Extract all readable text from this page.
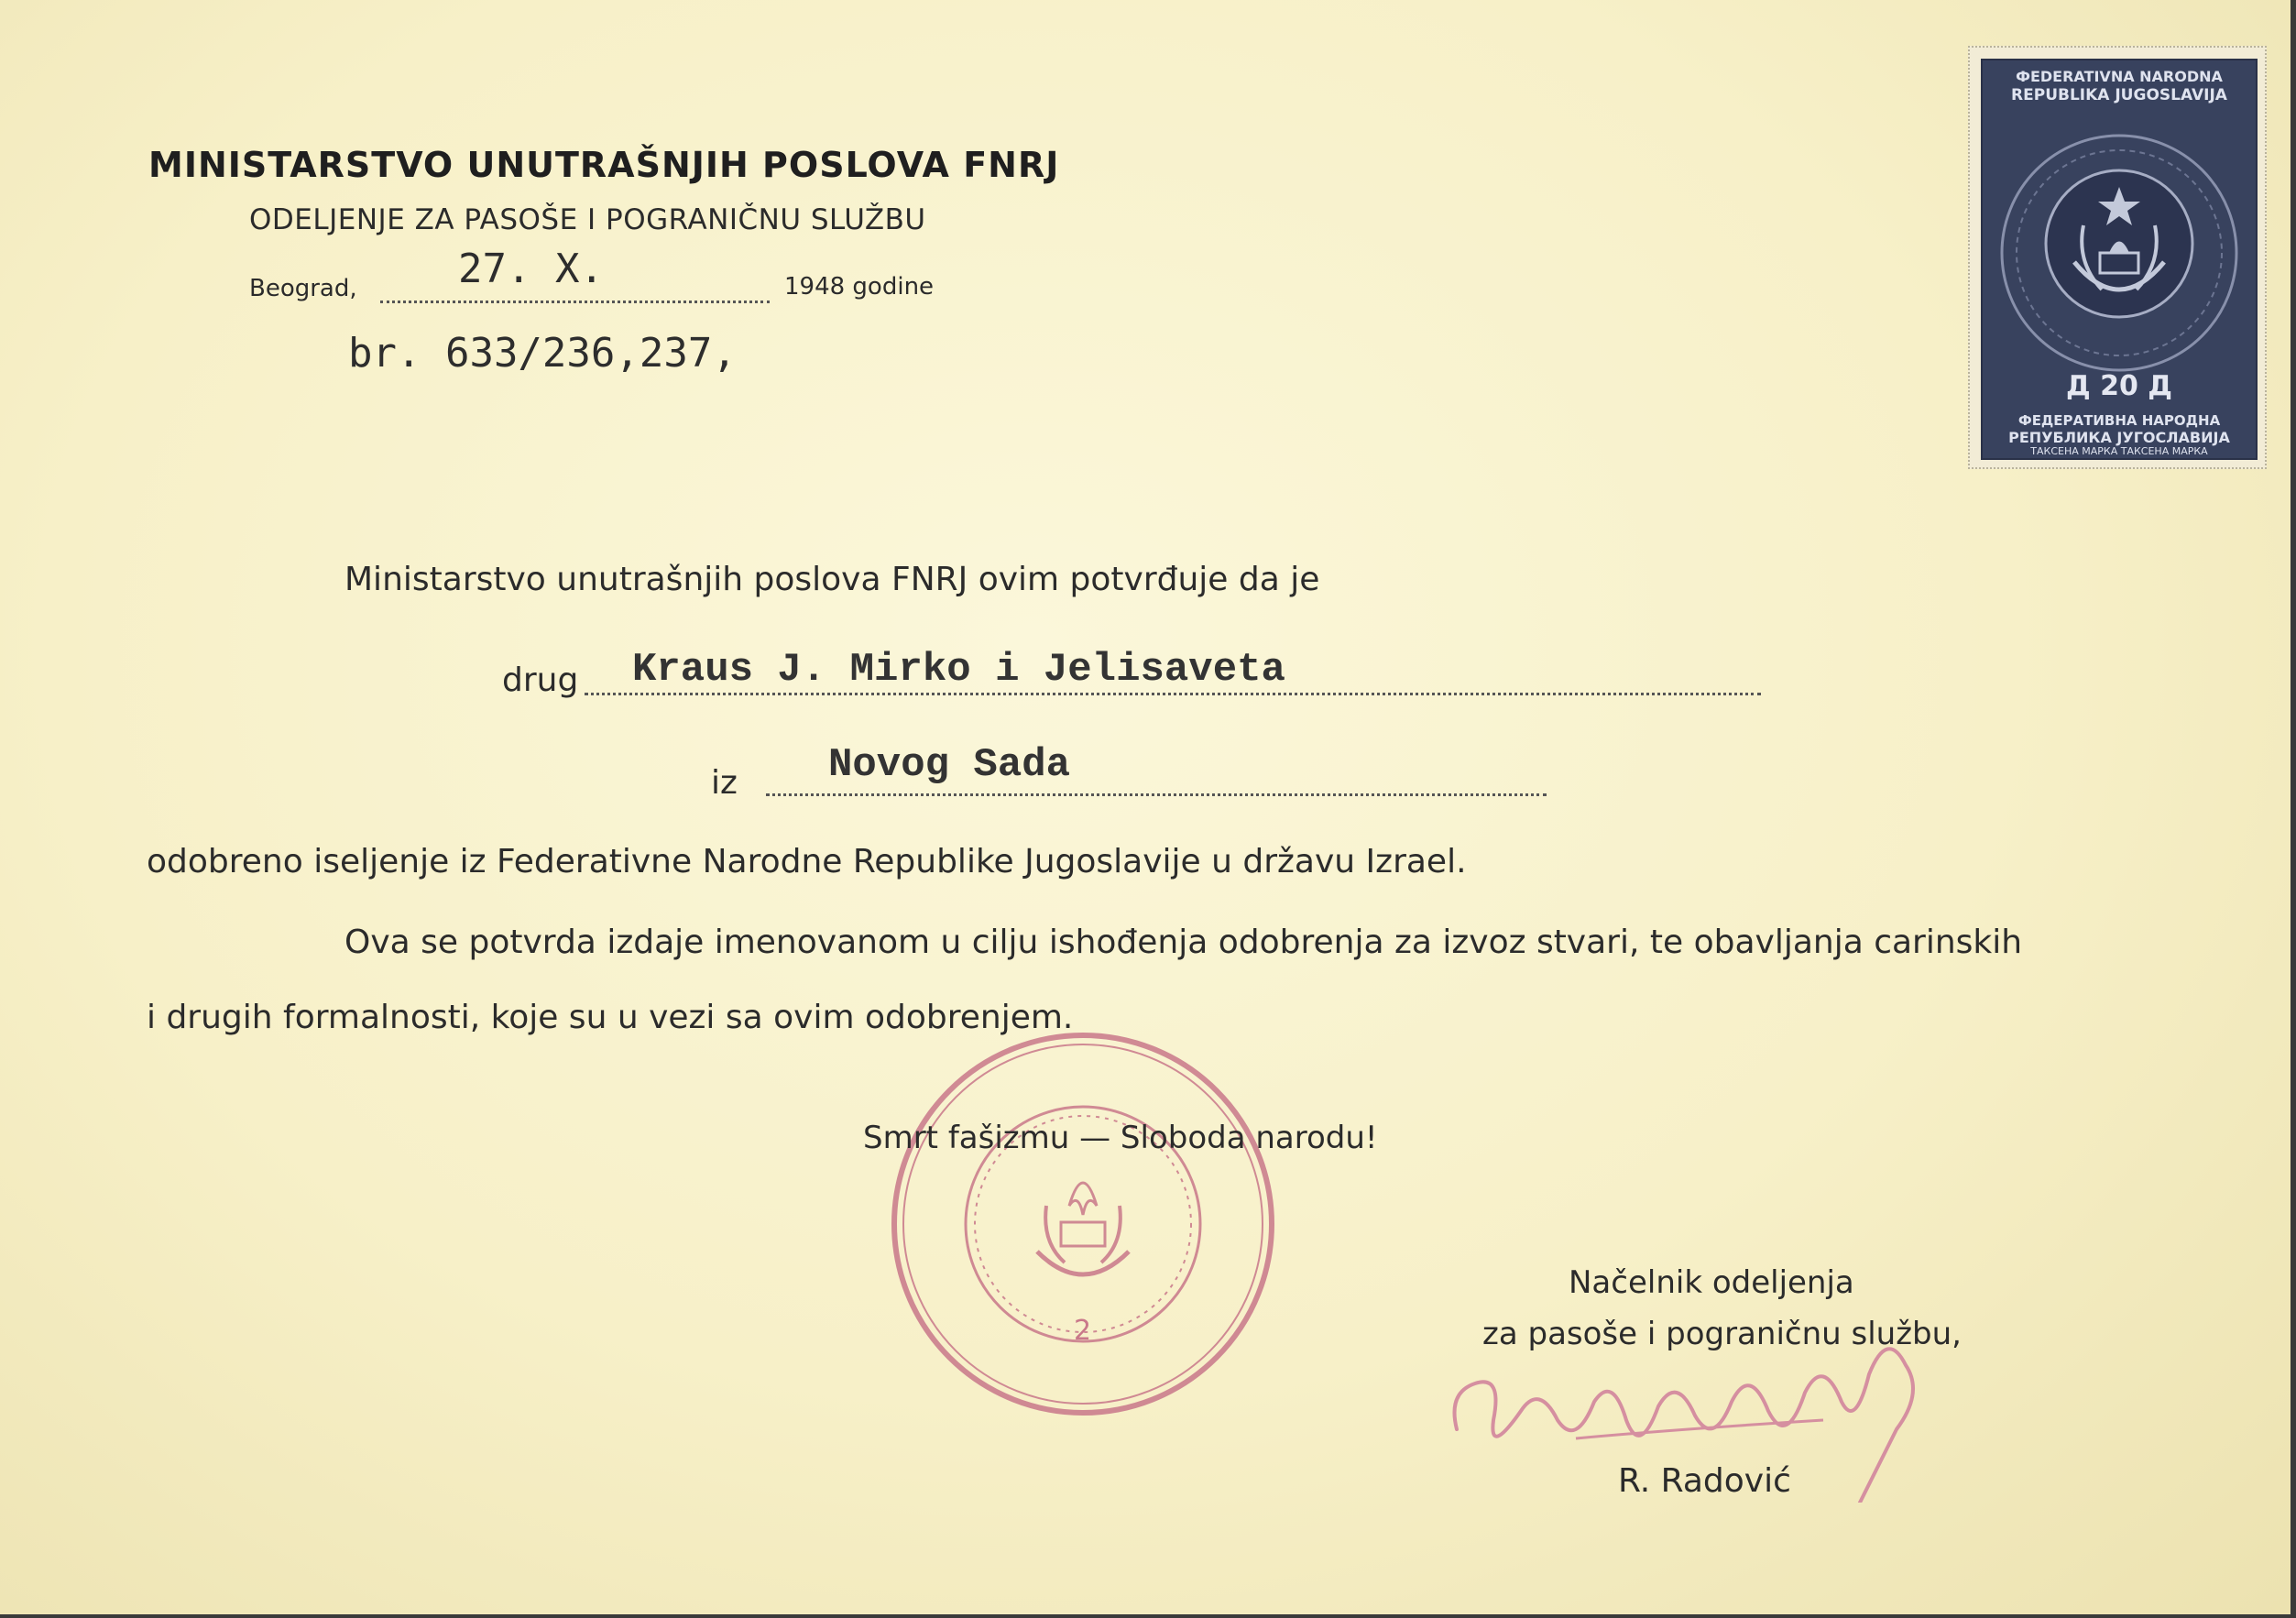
MINISTARSTVO UNUTRAŠNJIH POSLOVA FNRJ
ODELJENJE ZA PASOŠE I POGRANIČNU SLUŽBU
Beograd,	27. X.	1948 godine
br. 633/236,237,
ФEDERATIVNA NARODNA
REPUBLIKA JUGOSLAVIJA
Д 20 Д
ФЕДЕРАТИВНА НАРОДНА
РЕПУБЛИКА ЈУГОСЛАВИЈА
ТАКСЕНА МАРКА ТАКСЕНА МАРКА
Ministarstvo unutrašnjih poslova FNRJ ovim potvrđuje da je
drug Kraus J. Mirko i Jelisaveta
iz Novog Sada
odobreno iseljenje iz Federativne Narodne Republike Jugoslavije u državu Izrael.
Ova se potvrda izdaje imenovanom u cilju ishođenja odobrenja za izvoz stvari, te obavljanja carinskih
i drugih formalnosti, koje su u vezi sa ovim odobrenjem.
2
Smrt fašizmu — Sloboda narodu!
Načelnik odeljenja
za pasoše i pograničnu službu,
R. Radović
